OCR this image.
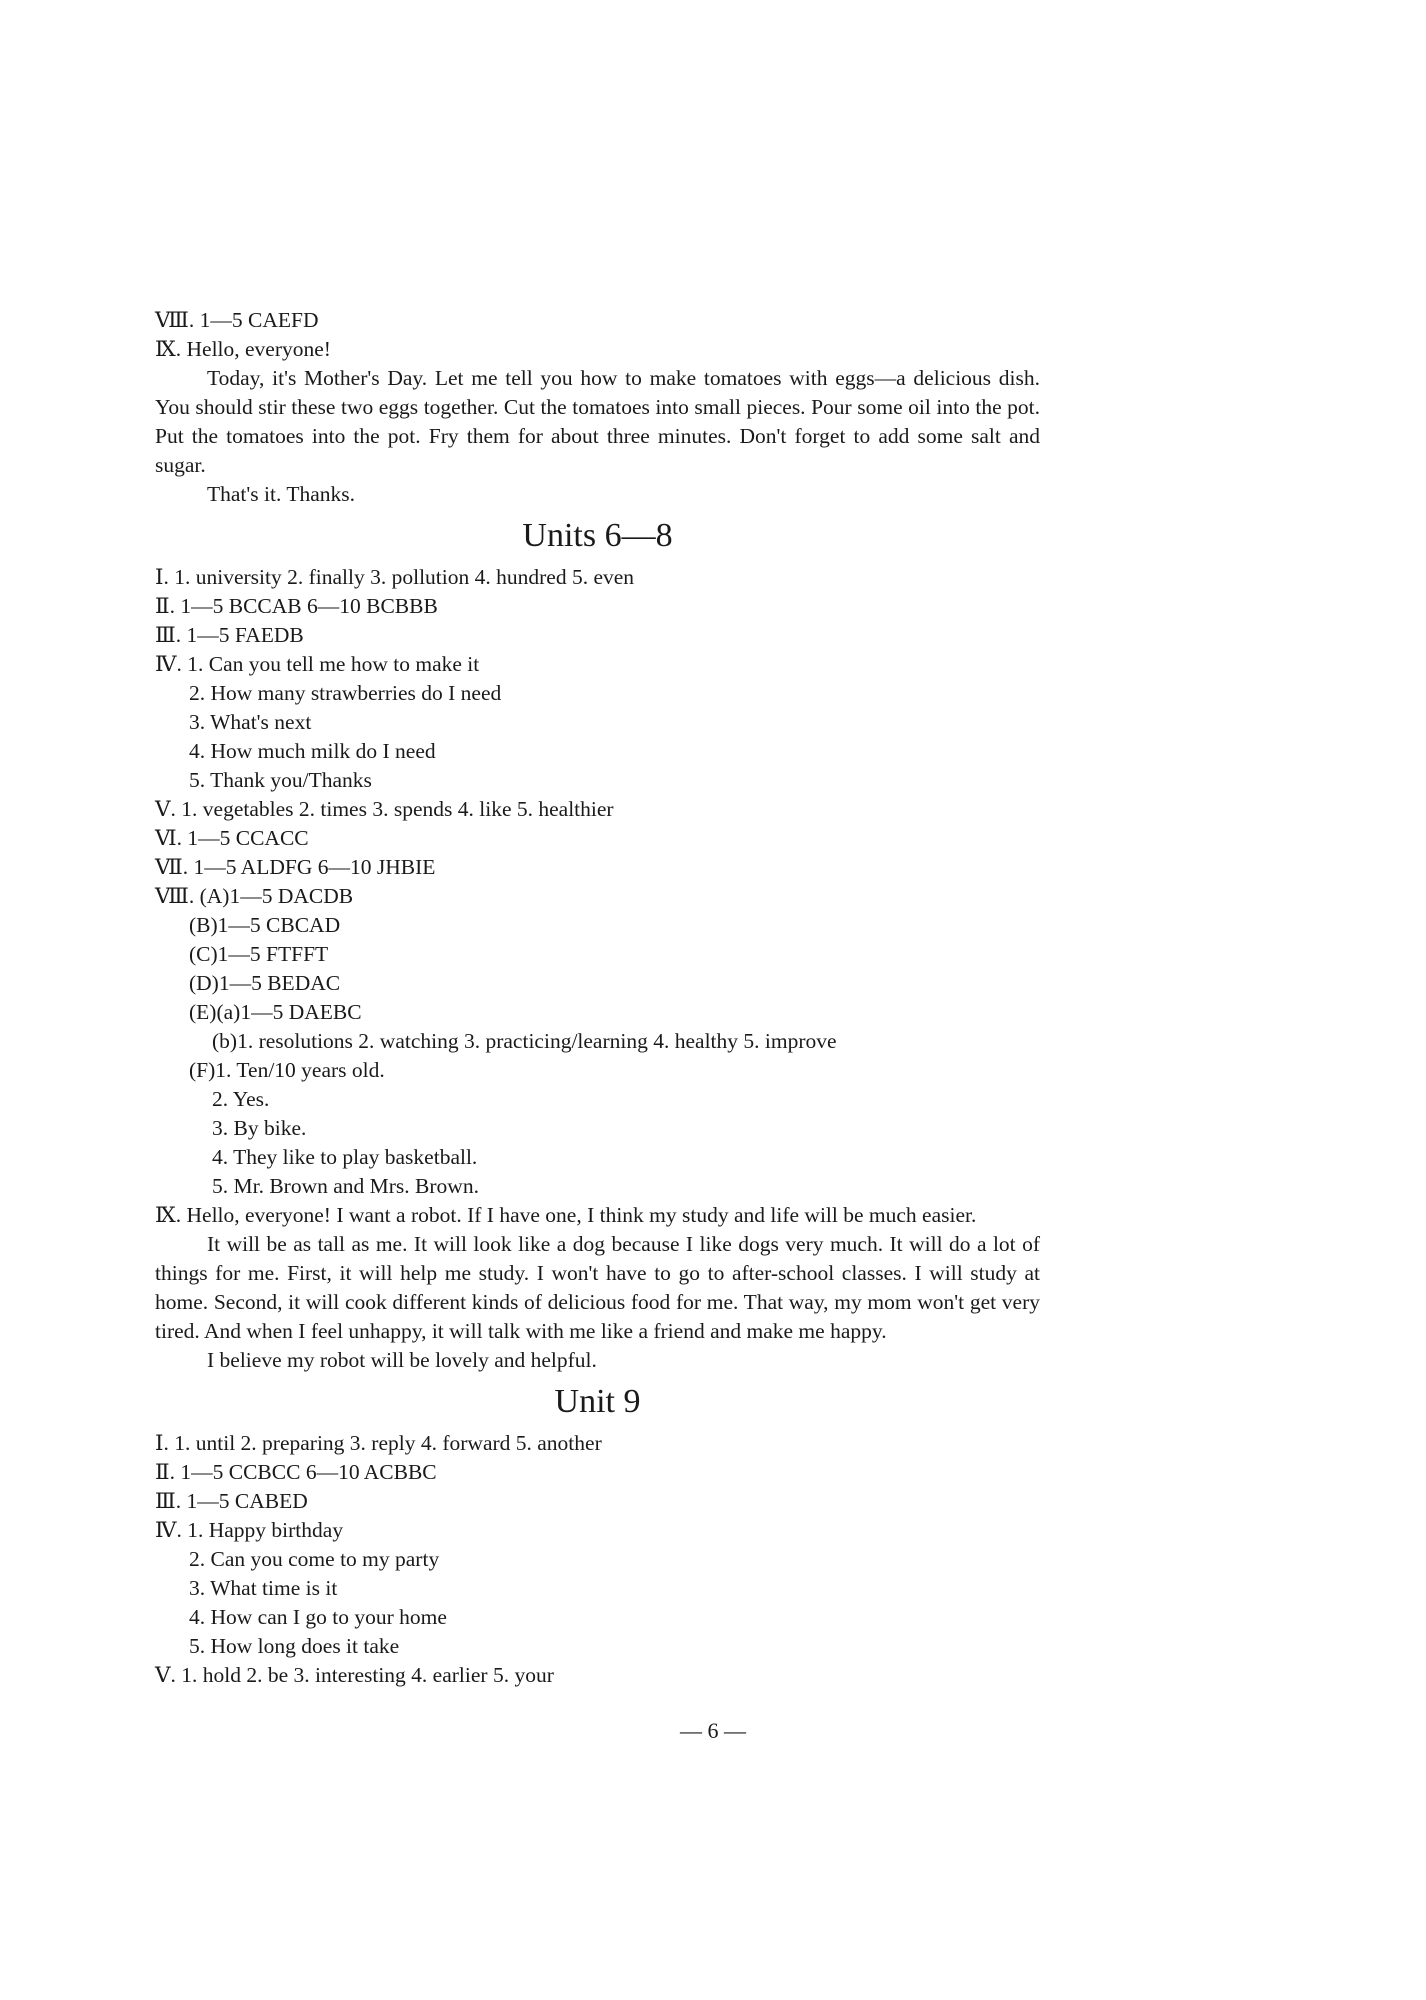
Ⅷ. 1—5 CAEFD
Ⅸ. Hello, everyone!

Today, it's Mother's Day. Let me tell you how to make tomatoes with eggs—a delicious dish. You should stir these two eggs together. Cut the tomatoes into small pieces. Pour some oil into the pot. Put the tomatoes into the pot. Fry them for about three minutes. Don't forget to add some salt and sugar.

That's it. Thanks.

Units 6—8
Ⅰ. 1. university 2. finally 3. pollution 4. hundred 5. even
Ⅱ. 1—5 BCCAB 6—10 BCBBB
Ⅲ. 1—5 FAEDB
Ⅳ. 1. Can you tell me how to make it
2. How many strawberries do I need
3. What's next
4. How much milk do I need
5. Thank you/Thanks
Ⅴ. 1. vegetables 2. times 3. spends 4. like 5. healthier
Ⅵ. 1—5 CCACC
Ⅶ. 1—5 ALDFG 6—10 JHBIE
Ⅷ. (A)1—5 DACDB
(B)1—5 CBCAD
(C)1—5 FTFFT
(D)1—5 BEDAC
(E)(a)1—5 DAEBC
(b)1. resolutions 2. watching 3. practicing/learning 4. healthy 5. improve
(F)1. Ten/10 years old.
2. Yes.
3. By bike.
4. They like to play basketball.
5. Mr. Brown and Mrs. Brown.

Ⅸ. Hello, everyone! I want a robot. If I have one, I think my study and life will be much easier.

It will be as tall as me. It will look like a dog because I like dogs very much. It will do a lot of things for me. First, it will help me study. I won't have to go to after-school classes. I will study at home. Second, it will cook different kinds of delicious food for me. That way, my mom won't get very tired. And when I feel unhappy, it will talk with me like a friend and make me happy.

I believe my robot will be lovely and helpful.

Unit 9
Ⅰ. 1. until 2. preparing 3. reply 4. forward 5. another
Ⅱ. 1—5 CCBCC 6—10 ACBBC
Ⅲ. 1—5 CABED
Ⅳ. 1. Happy birthday
2. Can you come to my party
3. What time is it
4. How can I go to your home
5. How long does it take
Ⅴ. 1. hold 2. be 3. interesting 4. earlier 5. your
— 6 —
